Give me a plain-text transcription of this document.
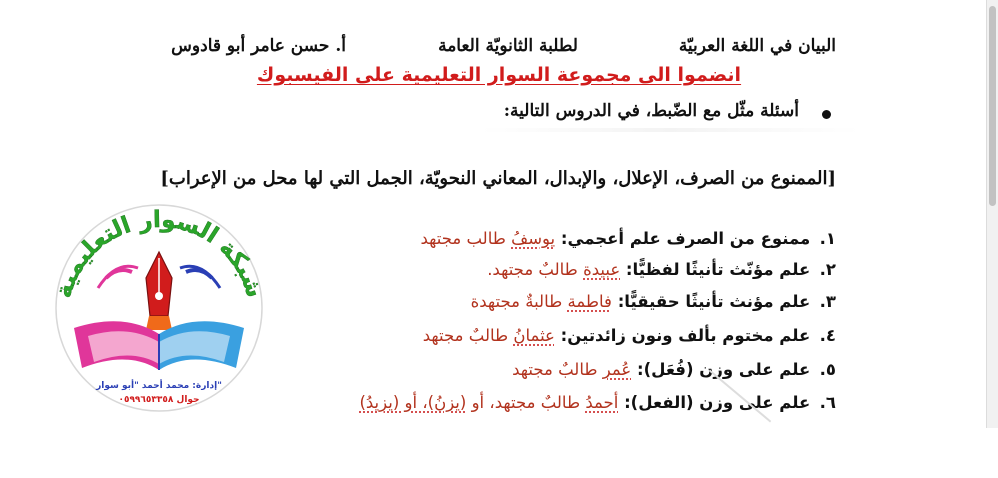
البيان في اللغة العربيّة
لطلبة الثانويّة العامة
أ. حسن عامر أبو قادوس
انضموا الى مجموعة السوار التعليمية على الفيسبوك
أسئلة مثّل مع الضّبط، في الدروس التالية:
[الممنوع من الصرف، الإعلال، والإبدال، المعاني النحويّة، الجمل التي لها محل من الإعراب]
١. ممنوع من الصرف علم أعجمي: يوسفُ طالب مجتهد
٢. علم مؤنّث تأنيثًا لفظيًّا: عبيدة طالبٌ مجتهد.
٣. علم مؤنث تأنيثًا حقيقيًّا: فاطمة طالبةٌ مجتهدة
٤. علم مختوم بألف ونون زائدتين: عثمانُ طالبٌ مجتهد
٥. علم على وزن (فُعَل): عُمر طالبٌ مجتهد
٦. علم على وزن (الفعل): أحمدُ طالبٌ مجتهد، أو (يزنُ)، أو (يزيدُ)
شبكة السوار التعليمية
إدارة: محمد أحمد "أبو سوار"
جوال ٠٥٩٩٦٥٣٣٥٨
